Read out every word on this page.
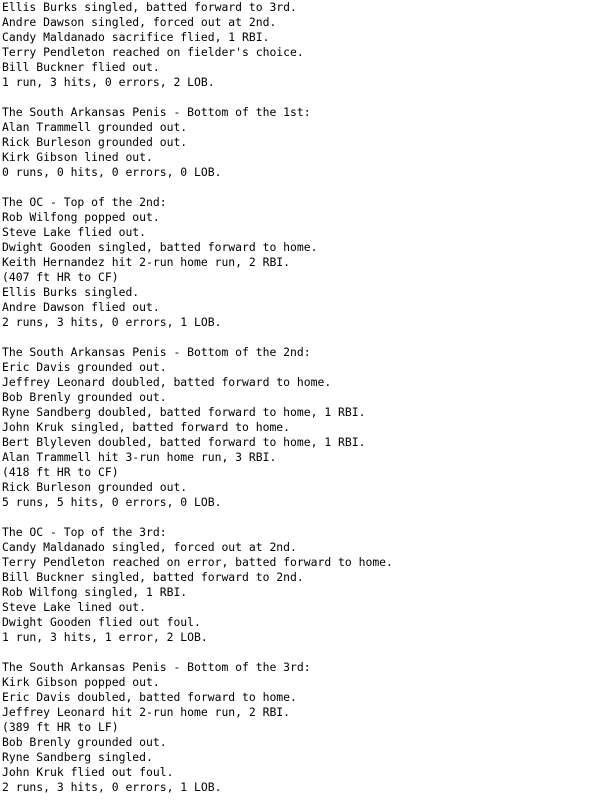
Ellis Burks singled, batted forward to 3rd.
Andre Dawson singled, forced out at 2nd.
Candy Maldanado sacrifice flied, 1 RBI.
Terry Pendleton reached on fielder's choice.
Bill Buckner flied out.
1 run, 3 hits, 0 errors, 2 LOB.
The South Arkansas Penis - Bottom of the 1st:
Alan Trammell grounded out.
Rick Burleson grounded out.
Kirk Gibson lined out.
0 runs, 0 hits, 0 errors, 0 LOB.
The OC - Top of the 2nd:
Rob Wilfong popped out.
Steve Lake flied out.
Dwight Gooden singled, batted forward to home.
Keith Hernandez hit 2-run home run, 2 RBI.
(407 ft HR to CF)
Ellis Burks singled.
Andre Dawson flied out.
2 runs, 3 hits, 0 errors, 1 LOB.
The South Arkansas Penis - Bottom of the 2nd:
Eric Davis grounded out.
Jeffrey Leonard doubled, batted forward to home.
Bob Brenly grounded out.
Ryne Sandberg doubled, batted forward to home, 1 RBI.
John Kruk singled, batted forward to home.
Bert Blyleven doubled, batted forward to home, 1 RBI.
Alan Trammell hit 3-run home run, 3 RBI.
(418 ft HR to CF)
Rick Burleson grounded out.
5 runs, 5 hits, 0 errors, 0 LOB.
The OC - Top of the 3rd:
Candy Maldanado singled, forced out at 2nd.
Terry Pendleton reached on error, batted forward to home.
Bill Buckner singled, batted forward to 2nd.
Rob Wilfong singled, 1 RBI.
Steve Lake lined out.
Dwight Gooden flied out foul.
1 run, 3 hits, 1 error, 2 LOB.
The South Arkansas Penis - Bottom of the 3rd:
Kirk Gibson popped out.
Eric Davis doubled, batted forward to home.
Jeffrey Leonard hit 2-run home run, 2 RBI.
(389 ft HR to LF)
Bob Brenly grounded out.
Ryne Sandberg singled.
John Kruk flied out foul.
2 runs, 3 hits, 0 errors, 1 LOB.
